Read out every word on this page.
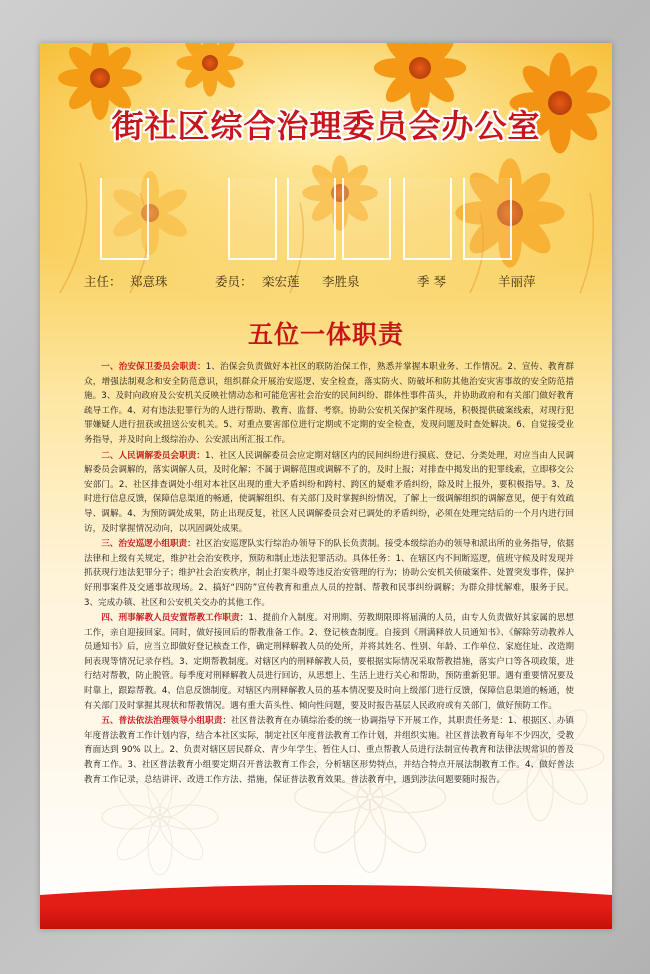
街社区综合治理委员会办公室
主任： 郑意珠	委员： 栾宏莲 李胜泉	季 琴	羊丽萍
五位一体职责

一、治安保卫委员会职责：1、治保会负责做好本社区的联防治保工作，熟悉并掌握本职业务、工作情况。2、宣传、教育群众，增强法制观念和安全防范意识，组织群众开展治安巡逻、安全检查，落实防火、防破坏和防其他治安灾害事故的安全防范措施。3、及时向政府及公安机关反映社情动态和可能危害社会治安的民间纠纷、群体性事件苗头，并协助政府和有关部门做好教育疏导工作。4、对有违法犯罪行为的人进行帮助、教育、监督、考察。协助公安机关保护案件现场，积极提供破案线索，对现行犯罪嫌疑人进行扭获或扭送公安机关。5、对重点要害部位进行定期或不定期的安全检查，发现问题及时查处解决。6、自觉接受业务指导，并及时向上级综治办、公安派出所汇报工作。

二、人民调解委员会职责：1、社区人民调解委员会应定期对辖区内的民间纠纷进行摸底、登记、分类处理，对应当由人民调解委员会调解的，落实调解人员，及时化解；不属于调解范围或调解不了的，及时上报；对排查中揭发出的犯罪线索，立即移交公安部门。2、社区排查调处小组对本社区出现的重大矛盾纠纷和跨村、跨区的疑难矛盾纠纷，除及时上报外，要积极指导。3、及时进行信息反馈，保障信息渠道的畅通，使调解组织、有关部门及时掌握纠纷情况，了解上一级调解组织的调解意见，便于有效疏导、调解。4、为预防调处成果，防止出现反复，社区人民调解委员会对已调处的矛盾纠纷，必须在处理完结后的一个月内进行回访，及时掌握情况动向，以巩固调处成果。

三、治安巡逻小组职责：社区治安巡逻队实行综治办领导下的队长负责制。接受本级综治办的领导和派出所的业务指导，依据法律和上级有关规定，维护社会治安秩序，预防和制止违法犯罪活动。具体任务：1、在辖区内不间断巡逻，值班守候及时发现并抓获现行违法犯罪分子；维护社会治安秩序，制止打架斗殴等违反治安管理的行为；协助公安机关侦破案件、处置突发事件，保护好刑事案件及交通事故现场。2、搞好“四防”宣传教育和重点人员的控制、帮教和民事纠纷调解；为群众排忧解难，服务于民。3、完成办镇、社区和公安机关交办的其他工作。

四、刑事解教人员安置帮教工作职责：1、提前介入制度。对刑期、劳教期限即将届满的人员，由专人负责做好其家属的思想工作，亲自迎接回家。同时，做好接回后的帮教准备工作。2、登记核查制度。自接到《刑满释放人员通知书》、《解除劳动教养人员通知书》后，应当立即做好登记核查工作，确定刑释解教人员的处所，并将其姓名、性别、年龄、工作单位、家庭住址、改造期间表现等情况记录存档。3、定期帮教制度。对辖区内的刑释解教人员，要根据实际情况采取帮教措施，落实户口等各项政策，进行结对帮教，防止脱管。每季度对刑释解教人员进行回访，从思想上、生活上进行关心和帮助，预防重新犯罪。遇有重要情况要及时靠上，跟踪帮教。4、信息反馈制度。对辖区内刑释解教人员的基本情况要及时向上级部门进行反馈，保障信息渠道的畅通，使有关部门及时掌握其现状和帮教情况。遇有重大苗头性、倾向性问题，要及时报告基层人民政府或有关部门，做好预防工作。

五、普法依法治理领导小组职责：社区普法教育在办镇综治委的统一协调指导下开展工作，其职责任务是：1、根据区、办镇年度普法教育工作计划内容，结合本社区实际，制定社区年度普法教育工作计划，并组织实施。社区普法教育每年不少四次，受教育面达到 90% 以上。2、负责对辖区居民群众、青少年学生、暂住人口、重点帮教人员进行法制宣传教育和法律法规常识的普及教育工作。3、社区普法教育小组要定期召开普法教育工作会，分析辖区形势特点，并结合特点开展法制教育工作。4、做好普法教育工作记录，总结讲评、改进工作方法、措施，保证普法教育效果。普法教育中，遇到涉法问题要随时报告。
